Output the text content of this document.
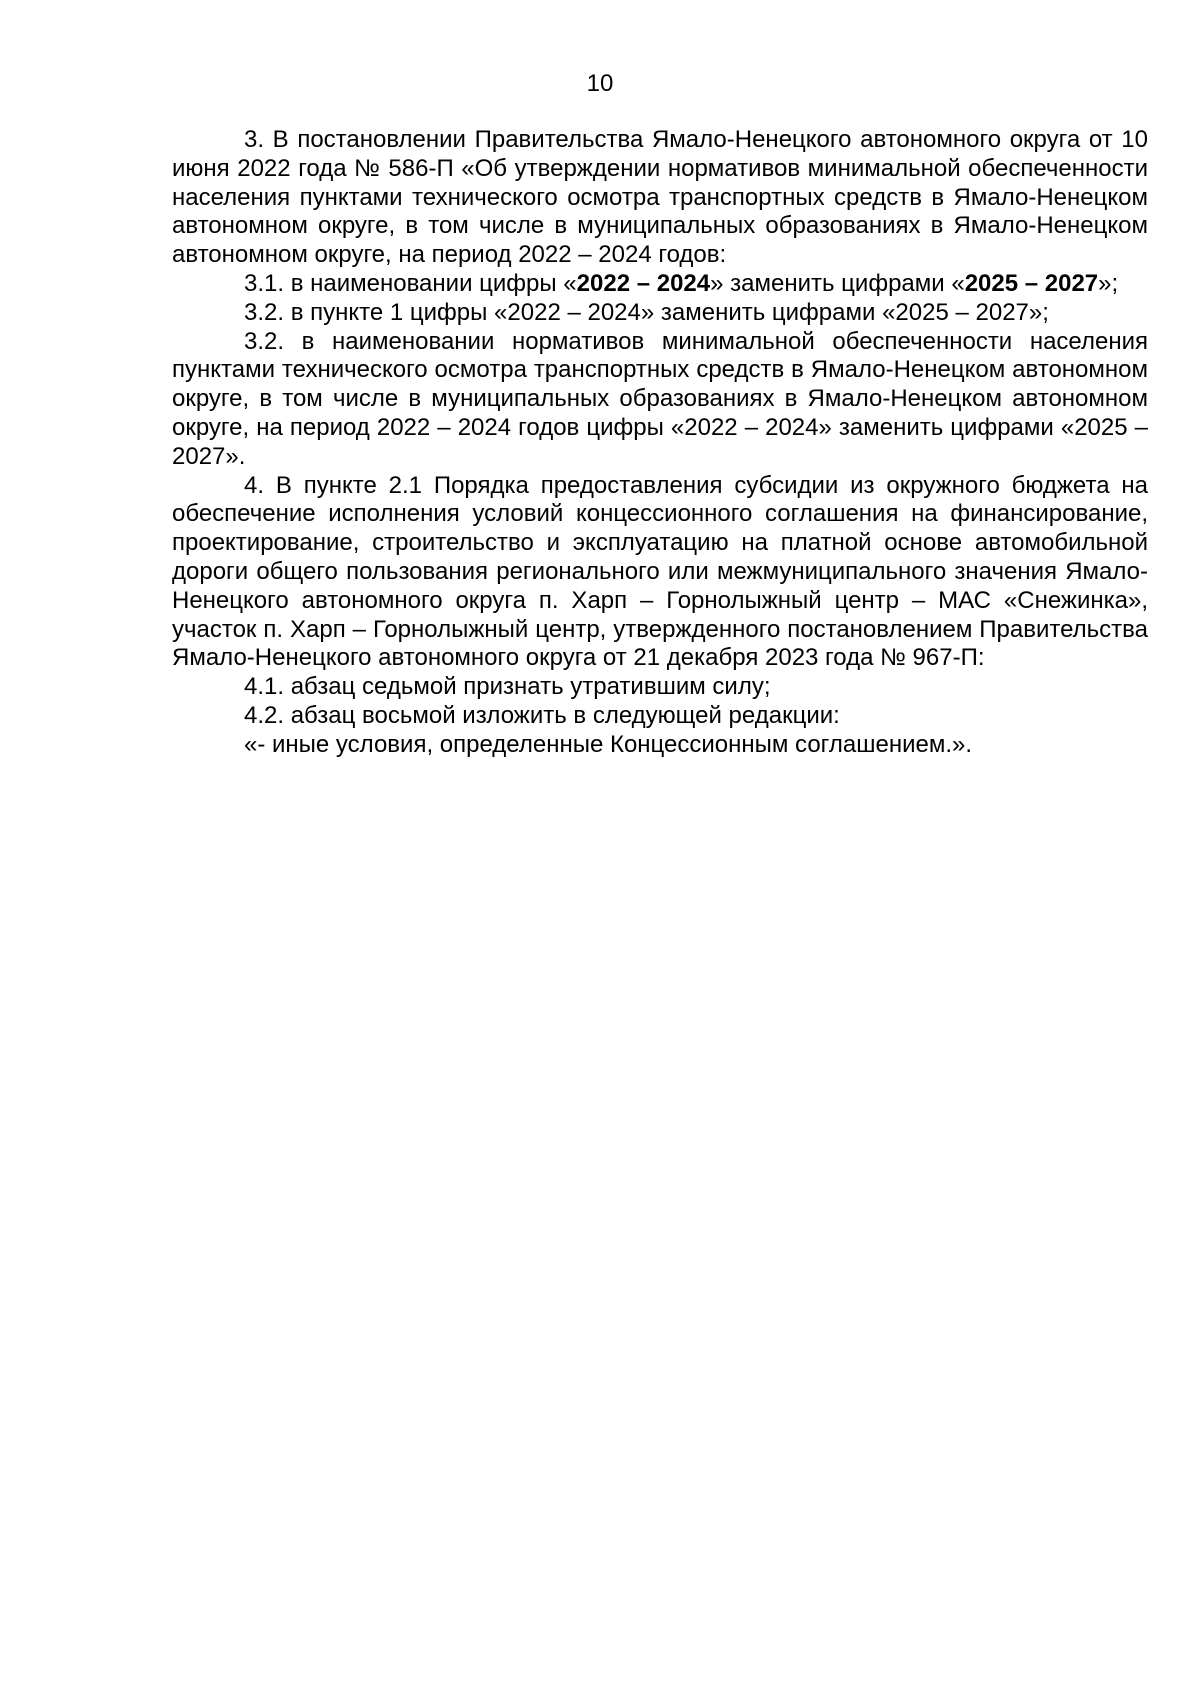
10

3. В постановлении Правительства Ямало-Ненецкого автономного округа от 10 июня 2022 года № 586-П «Об утверждении нормативов минимальной обеспеченности населения пунктами технического осмотра транспортных средств в Ямало-Ненецком автономном округе, в том числе в муниципальных образованиях в Ямало-Ненецком автономном округе, на период 2022 – 2024 годов:

3.1. в наименовании цифры «2022 – 2024» заменить цифрами «2025 – 2027»;

3.2. в пункте 1 цифры «2022 – 2024» заменить цифрами «2025 – 2027»;

3.2. в наименовании нормативов минимальной обеспеченности населения пунктами технического осмотра транспортных средств в Ямало-Ненецком автономном округе, в том числе в муниципальных образованиях в Ямало-Ненецком автономном округе, на период 2022 – 2024 годов цифры «2022 – 2024» заменить цифрами «2025 – 2027».

4. В пункте 2.1 Порядка предоставления субсидии из окружного бюджета на обеспечение исполнения условий концессионного соглашения на финансирование, проектирование, строительство и эксплуатацию на платной основе автомобильной дороги общего пользования регионального или межмуниципального значения Ямало-Ненецкого автономного округа п. Харп – Горнолыжный центр – МАС «Снежинка», участок п. Харп – Горнолыжный центр, утвержденного постановлением Правительства Ямало-Ненецкого автономного округа от 21 декабря 2023 года № 967-П:

4.1. абзац седьмой признать утратившим силу;

4.2. абзац восьмой изложить в следующей редакции:

«- иные условия, определенные Концессионным соглашением.».
